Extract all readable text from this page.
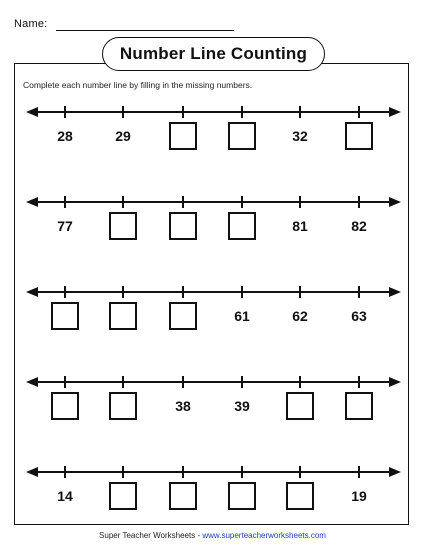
Name:
Number Line Counting
Complete each number line by filling in the missing numbers.
28	29	32
77	81	82
61	62	63
38	39
14	19
Super Teacher Worksheets - www.superteacherworksheets.com
